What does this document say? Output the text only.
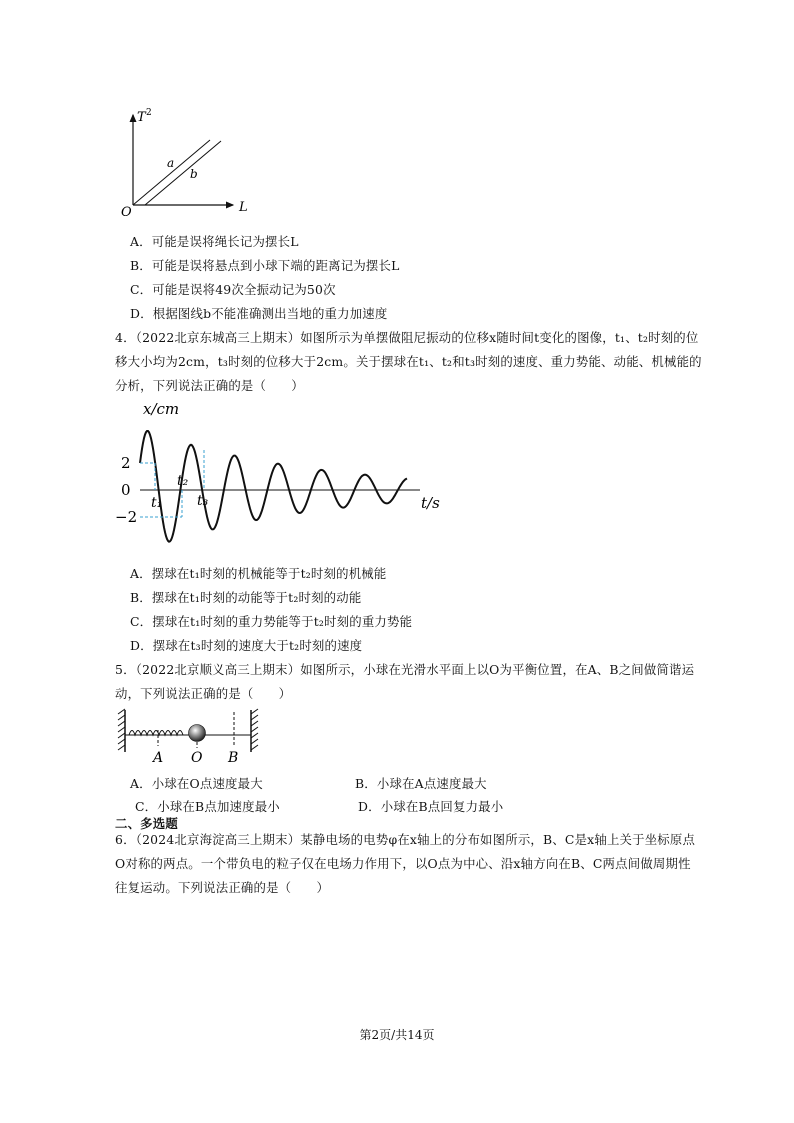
T 2
L
O
a
b
A．可能是误将绳长记为摆长L
B．可能是误将悬点到小球下端的距离记为摆长L
C．可能是误将49次全振动记为50次
D．根据图线b不能准确测出当地的重力加速度
4．（2022北京东城高三上期末）如图所示为单摆做阻尼振动的位移x随时间t变化的图像，t₁、t₂时刻的位
移大小均为2cm，t₃时刻的位移大于2cm。关于摆球在t₁、t₂和t₃时刻的速度、重力势能、动能、机械能的
分析，下列说法正确的是（　　）
x/cm
t/s
2
0
−2
t₁
t₂
t₃
A．摆球在t₁时刻的机械能等于t₂时刻的机械能
B．摆球在t₁时刻的动能等于t₂时刻的动能
C．摆球在t₁时刻的重力势能等于t₂时刻的重力势能
D．摆球在t₃时刻的速度大于t₂时刻的速度
5．（2022北京顺义高三上期末）如图所示，小球在光滑水平面上以O为平衡位置，在A、B之间做简谐运
动，下列说法正确的是（　　）
A O B
A．小球在O点速度最大	B．小球在A点速度最大
C．小球在B点加速度最小	D．小球在B点回复力最小
二、多选题
6．（2024北京海淀高三上期末）某静电场的电势φ在x轴上的分布如图所示，B、C是x轴上关于坐标原点
O对称的两点。一个带负电的粒子仅在电场力作用下，以O点为中心、沿x轴方向在B、C两点间做周期性
往复运动。下列说法正确的是（　　）
第2页/共14页
